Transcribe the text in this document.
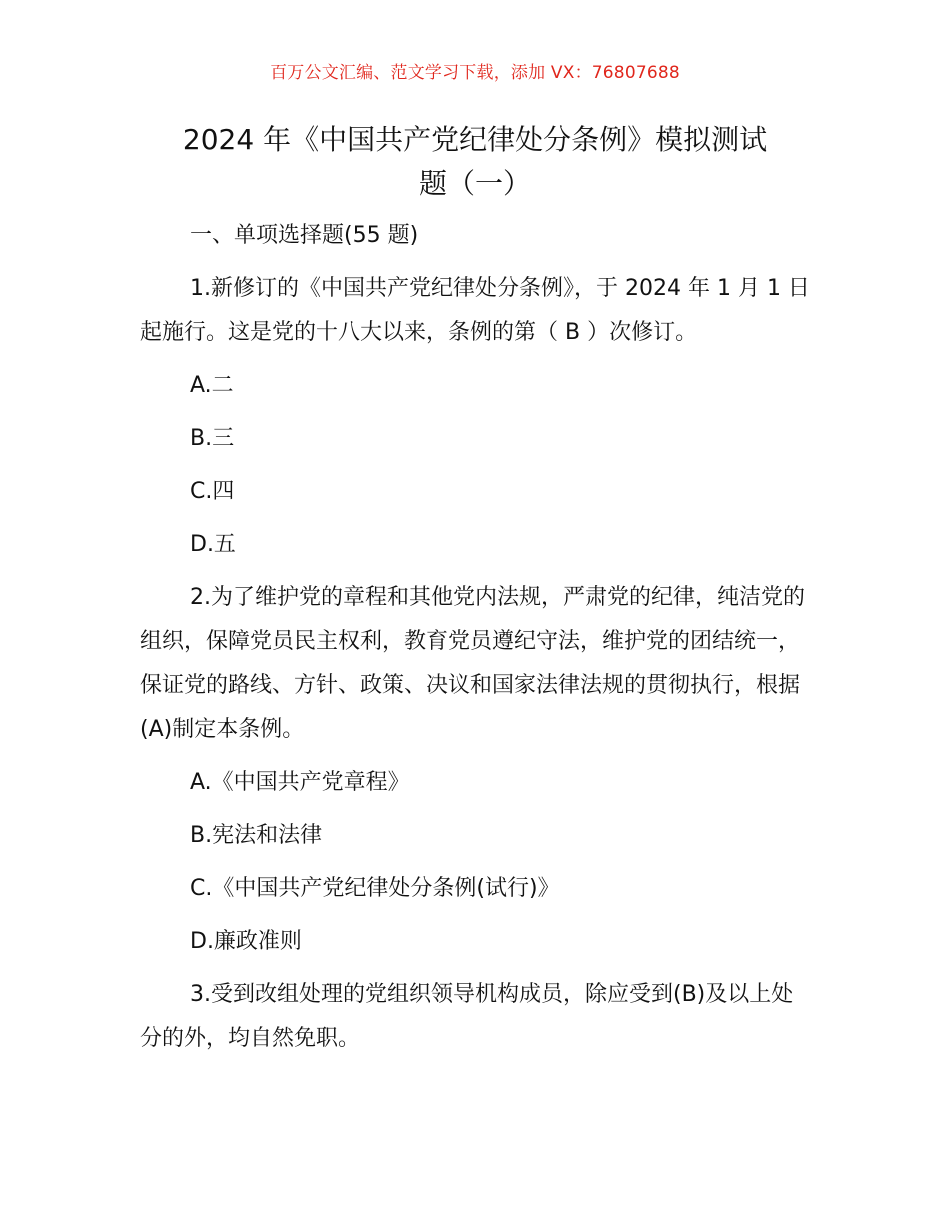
百万公文汇编、范文学习下载，添加 VX：76807688
2024 年《中国共产党纪律处分条例》模拟测试
题（一）

一、单项选择题(55 题)

1.新修订的《中国共产党纪律处分条例》，于 2024 年 1 月 1 日起施行。这是党的十八大以来，条例的第（ B ）次修订。

A.二

B.三

C.四

D.五

2.为了维护党的章程和其他党内法规，严肃党的纪律，纯洁党的组织，保障党员民主权利，教育党员遵纪守法，维护党的团结统一，保证党的路线、方针、政策、决议和国家法律法规的贯彻执行，根据(A)制定本条例。

A.《中国共产党章程》

B.宪法和法律

C.《中国共产党纪律处分条例(试行)》

D.廉政准则

3.受到改组处理的党组织领导机构成员，除应受到(B)及以上处分的外，均自然免职。
